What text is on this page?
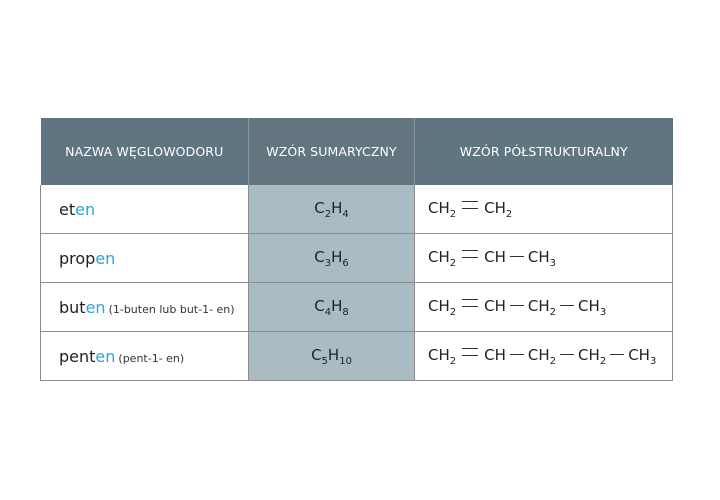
NAZWA WĘGLOWODORU	WZÓR SUMARYCZNY	WZÓR PÓŁSTRUKTURALNY
eten	$C_2H_4$	$CH_2$ $CH_2$
propen	$C_3H_6$	$CH_2$ CH $CH_3$
buten (1-buten lub but-1- en)	$C_4H_8$	$CH_2$ CH $CH_2$ $CH_3$
penten (pent-1- en)	$C_5H_{10}$	$CH_2$ CH $CH_2$ $CH_2$ $CH_3$
